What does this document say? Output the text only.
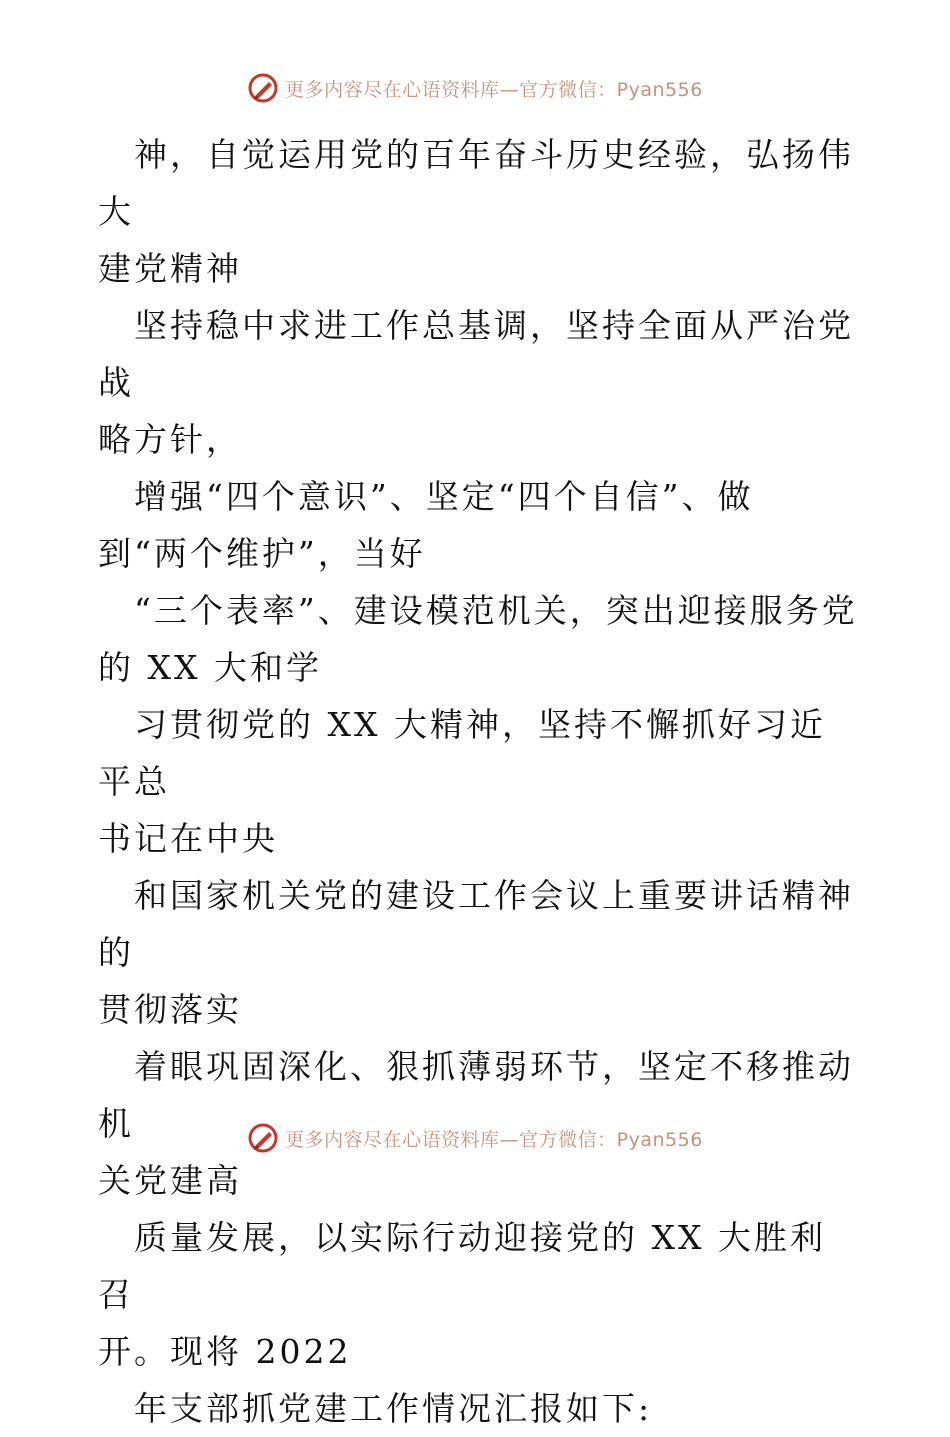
更多内容尽在心语资料库—官方微信：Pyan556

神，自觉运用党的百年奋斗历史经验，弘扬伟大
建党精神

坚持稳中求进工作总基调，坚持全面从严治党战
略方针，

增强“四个意识”、坚定“四个自信”、做
到“两个维护”，当好

“三个表率”、建设模范机关，突出迎接服务党
的 XX 大和学

习贯彻党的 XX 大精神，坚持不懈抓好习近平总
书记在中央

和国家机关党的建设工作会议上重要讲话精神的
贯彻落实

着眼巩固深化、狠抓薄弱环节，坚定不移推动机
关党建高

质量发展，以实际行动迎接党的 XX 大胜利召
开。现将 2022

年支部抓党建工作情况汇报如下:

更多内容尽在心语资料库—官方微信：Pyan556
